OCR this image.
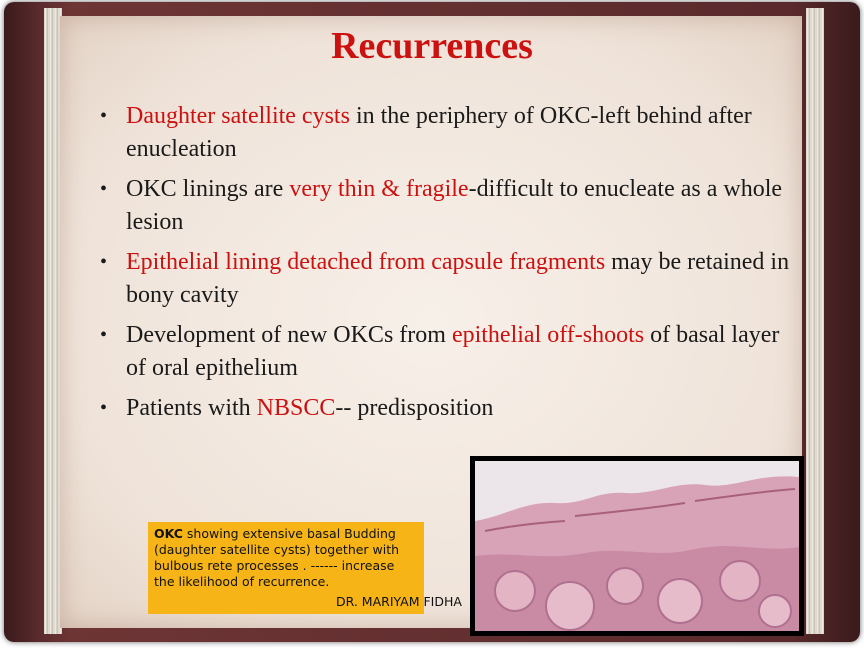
Recurrences
• Daughter satellite cysts in the periphery of OKC-left behind after enucleation
• OKC linings are very thin & fragile-difficult to enucleate as a whole lesion
• Epithelial lining detached from capsule fragments may be retained in bony cavity
• Development of new OKCs from epithelial off-shoots of basal layer of oral epithelium
• Patients with NBSCC-- predisposition
OKC showing extensive basal Budding (daughter satellite cysts) together with bulbous rete processes . ------ increase the likelihood of recurrence.
DR. MARIYAM FIDHA
